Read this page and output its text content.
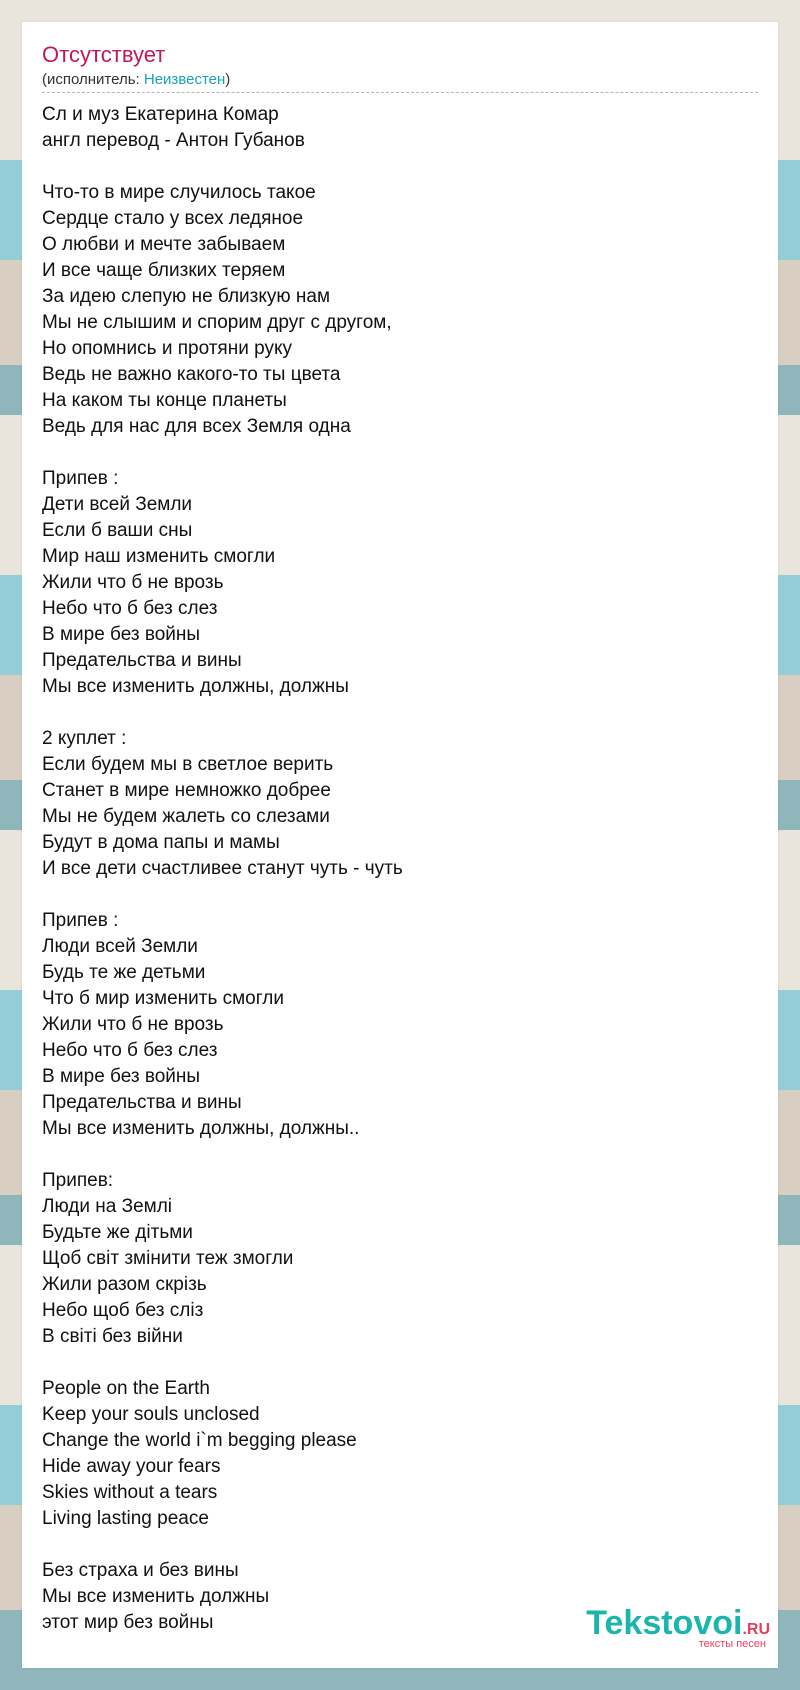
Отсутствует
(исполнитель: Неизвестен)
Сл и муз Екатерина Комар
англ перевод - Антон Губанов
Что-то в мире случилось такое
Сердце стало у всех ледяное
О любви и мечте забываем
И все чаще близких теряем
За идею слепую не близкую нам
Мы не слышим и спорим друг с другом,
Но опомнись и протяни руку
Ведь не важно какого-то ты цвета
На каком ты конце планеты
Ведь для нас для всех Земля одна
Припев :
Дети всей Земли
Если б ваши сны
Мир наш изменить смогли
Жили что б не врозь
Небо что б без слез
В мире без войны
Предательства и вины
Мы все изменить должны, должны
2 куплет :
Если будем мы в светлое верить
Станет в мире немножко добрее
Мы не будем жалеть со слезами
Будут в дома папы и мамы
И все дети счастливее станут чуть - чуть
Припев :
Люди всей Земли
Будь те же детьми
Что б мир изменить смогли
Жили что б не врозь
Небо что б без слез
В мире без войны
Предательства и вины
Мы все изменить должны, должны..
Припев:
Люди на Землі
Будьте же дітьми
Щоб світ змінити теж змогли
Жили разом скрізь
Небо щоб без сліз
В світі без війни
People on the Earth
Keep your souls unclosed
Change the world i`m begging please
Hide away your fears
Skies without a tears
Living lasting peace
Без страха и без вины
Мы все изменить должны
этот мир без войны	Tekstovoi.RU
тексты песен
